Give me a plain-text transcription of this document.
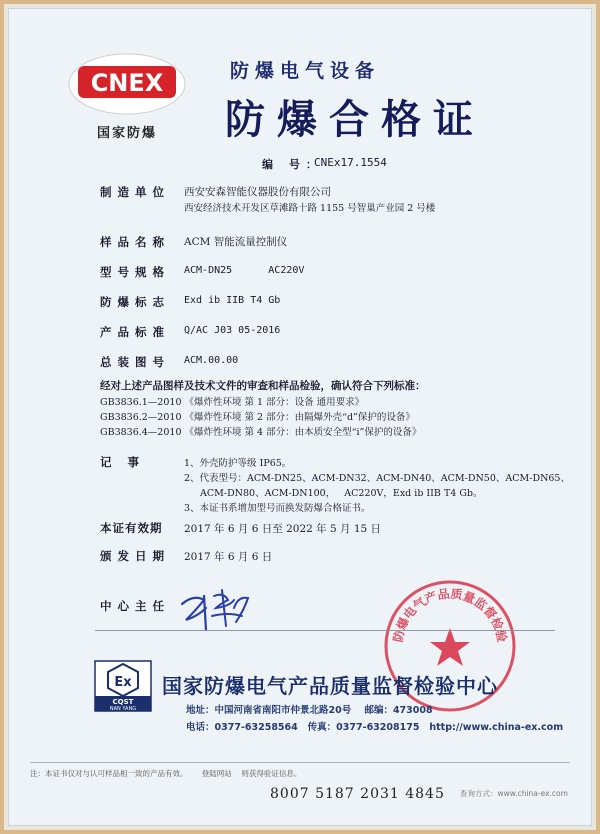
CNEX
国家防爆
防爆电气设备
防爆合格证
编 号：
CNEx17.1554
制造单位 西安安森智能仪器股份有限公司
西安经济技术开发区草滩路十路 1155 号智巢产业园 2 号楼
样品名称 ACM 智能流量控制仪
型号规格 ACM-DN25      AC220V
防爆标志 Exd ib IIB T4 Gb
产品标准 Q/AC J03 05-2016
总装图号 ACM.00.00
经对上述产品图样及技术文件的审查和样品检验，确认符合下列标准：
GB3836.1—2010 《爆炸性环境 第 1 部分：设备 通用要求》
GB3836.2—2010 《爆炸性环境 第 2 部分：由隔爆外壳“d”保护的设备》
GB3836.4—2010 《爆炸性环境 第 4 部分：由本质安全型“i”保护的设备》
记 事	1、外壳防护等级 IP65。
2、代表型号：ACM-DN25、ACM-DN32、ACM-DN40、ACM-DN50、ACM-DN65、
ACM-DN80、ACM-DN100，   AC220V，Exd ib IIB T4 Gb。
3、本证书系增加型号而换发防爆合格证书。
本证有效期 2017 年 6 月 6 日至 2022 年 5 月 15 日
颁发日期 2017 年 6 月 6 日
中心主任
防爆电气产品质量监督检验
Ex
CQST
NAN YANG
国家防爆电气产品质量监督检验中心
地址：中国河南省南阳市仲景北路20号    邮编：473008
电话：0377-63258564   传真：0377-63208175   http://www.china-ex.com
注：本证书仅对与认可样品相一致的产品有效。      登陆网站    则获得验证信息。
8007 5187 2031 4845 查询方式：www.china-ex.com
